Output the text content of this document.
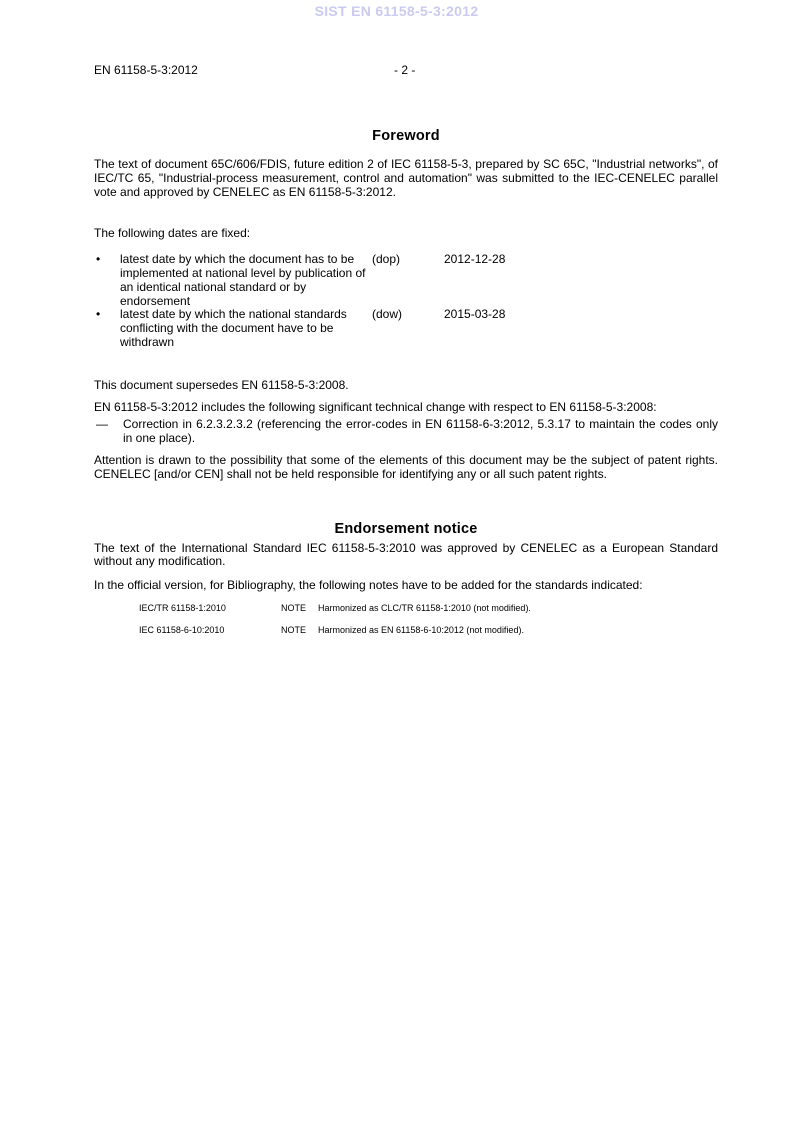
SIST EN 61158-5-3:2012
EN 61158-5-3:2012	- 2 -
Foreword

The text of document 65C/606/FDIS, future edition 2 of IEC 61158-5-3, prepared by SC 65C, "Industrial networks", of IEC/TC 65, "Industrial-process measurement, control and automation" was submitted to the IEC-CENELEC parallel vote and approved by CENELEC as EN 61158-5-3:2012.

The following dates are fixed:

•	latest date by which the document has to be implemented at national level by publication of an identical national standard or by endorsement	(dop)	2012-12-28
•	latest date by which the national standards conflicting with the document have to be withdrawn	(dow)	2015-03-28

This document supersedes EN 61158-5-3:2008.

EN 61158-5-3:2012 includes the following significant technical change with respect to EN 61158-5-3:2008:

—	Correction in 6.2.3.2.3.2 (referencing the error-codes in EN 61158-6-3:2012, 5.3.17 to maintain the codes only in one place).

Attention is drawn to the possibility that some of the elements of this document may be the subject of patent rights. CENELEC [and/or CEN] shall not be held responsible for identifying any or all such patent rights.

Endorsement notice

The text of the International Standard IEC 61158-5-3:2010 was approved by CENELEC as a European Standard without any modification.

In the official version, for Bibliography, the following notes have to be added for the standards indicated:

IEC/TR 61158-1:2010	NOTE	Harmonized as CLC/TR 61158-1:2010 (not modified).
IEC 61158-6-10:2010	NOTE	Harmonized as EN 61158-6-10:2012 (not modified).
